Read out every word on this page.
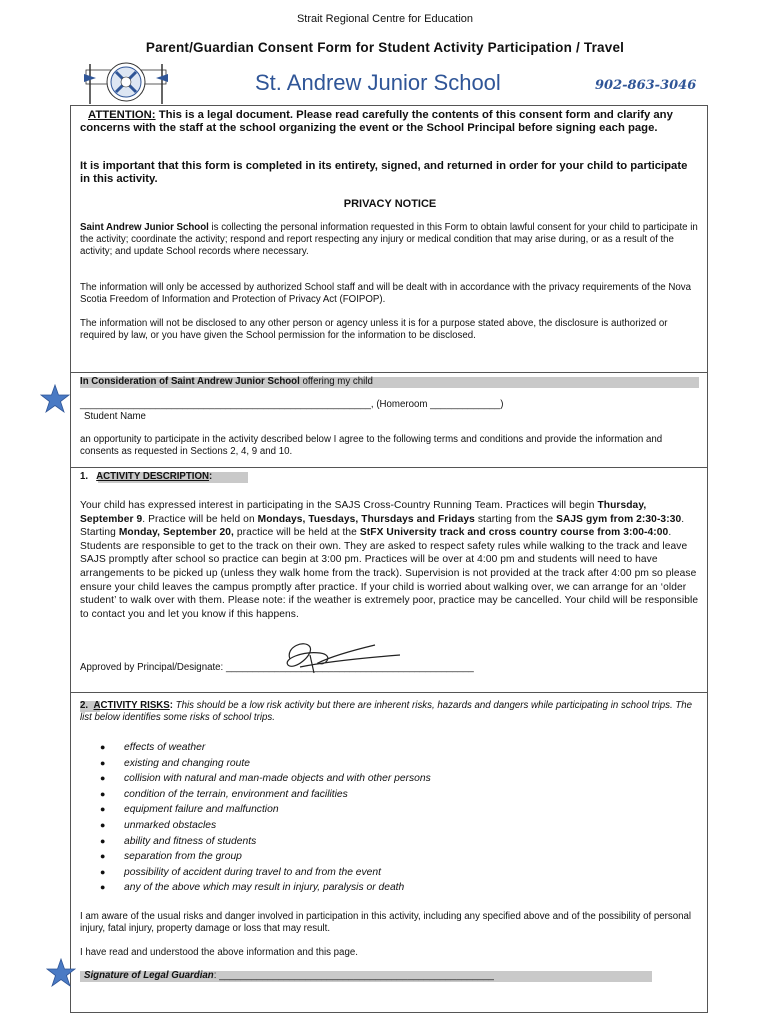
Strait Regional Centre for Education
Parent/Guardian Consent Form for Student Activity Participation / Travel
St. Andrew Junior School	902-863-3046
ATTENTION: This is a legal document. Please read carefully the contents of this consent form and clarify any concerns with the staff at the school organizing the event or the School Principal before signing each page.
It is important that this form is completed in its entirety, signed, and returned in order for your child to participate in this activity.
PRIVACY NOTICE
Saint Andrew Junior School is collecting the personal information requested in this Form to obtain lawful consent for your child to participate in the activity; coordinate the activity; respond and report respecting any injury or medical condition that may arise during, or as a result of the activity; and update School records where necessary.
The information will only be accessed by authorized School staff and will be dealt with in accordance with the privacy requirements of the Nova Scotia Freedom of Information and Protection of Privacy Act (FOIPOP).
The information will not be disclosed to any other person or agency unless it is for a purpose stated above, the disclosure is authorized or required by law, or you have given the School permission for the information to be disclosed.
In Consideration of Saint Andrew Junior School offering my child
______________________________________________________, (Homeroom _____________)
Student Name
an opportunity to participate in the activity described below I agree to the following terms and conditions and provide the information and consents as requested in Sections 2, 4, 9 and 10.
1. ACTIVITY DESCRIPTION:
Your child has expressed interest in participating in the SAJS Cross-Country Running Team. Practices will begin Thursday, September 9. Practice will be held on Mondays, Tuesdays, Thursdays and Fridays starting from the SAJS gym from 2:30-3:30. Starting Monday, September 20, practice will be held at the StFX University track and cross country course from 3:00-4:00. Students are responsible to get to the track on their own. They are asked to respect safety rules while walking to the track and leave SAJS promptly after school so practice can begin at 3:00 pm. Practices will be over at 4:00 pm and students will need to have arrangements to be picked up (unless they walk home from the track). Supervision is not provided at the track after 4:00 pm so please ensure your child leaves the campus promptly after practice. If your child is worried about walking over, we can arrange for an ‘older student’ to walk over with them. Please note: if the weather is extremely poor, practice may be cancelled. Your child will be responsible to contact you and let you know if this happens.
Approved by Principal/Designate: ______________________________________________
2. ACTIVITY RISKS: This should be a low risk activity but there are inherent risks, hazards and dangers while participating in school trips. The list below identifies some risks of school trips.
● effects of weather
● existing and changing route
● collision with natural and man-made objects and with other persons
● condition of the terrain, environment and facilities
● equipment failure and malfunction
● unmarked obstacles
● ability and fitness of students
● separation from the group
● possibility of accident during travel to and from the event
● any of the above which may result in injury, paralysis or death
I am aware of the usual risks and danger involved in participation in this activity, including any specified above and of the possibility of personal injury, fatal injury, property damage or loss that may result.
I have read and understood the above information and this page.
Signature of Legal Guardian: ___________________________________________________
